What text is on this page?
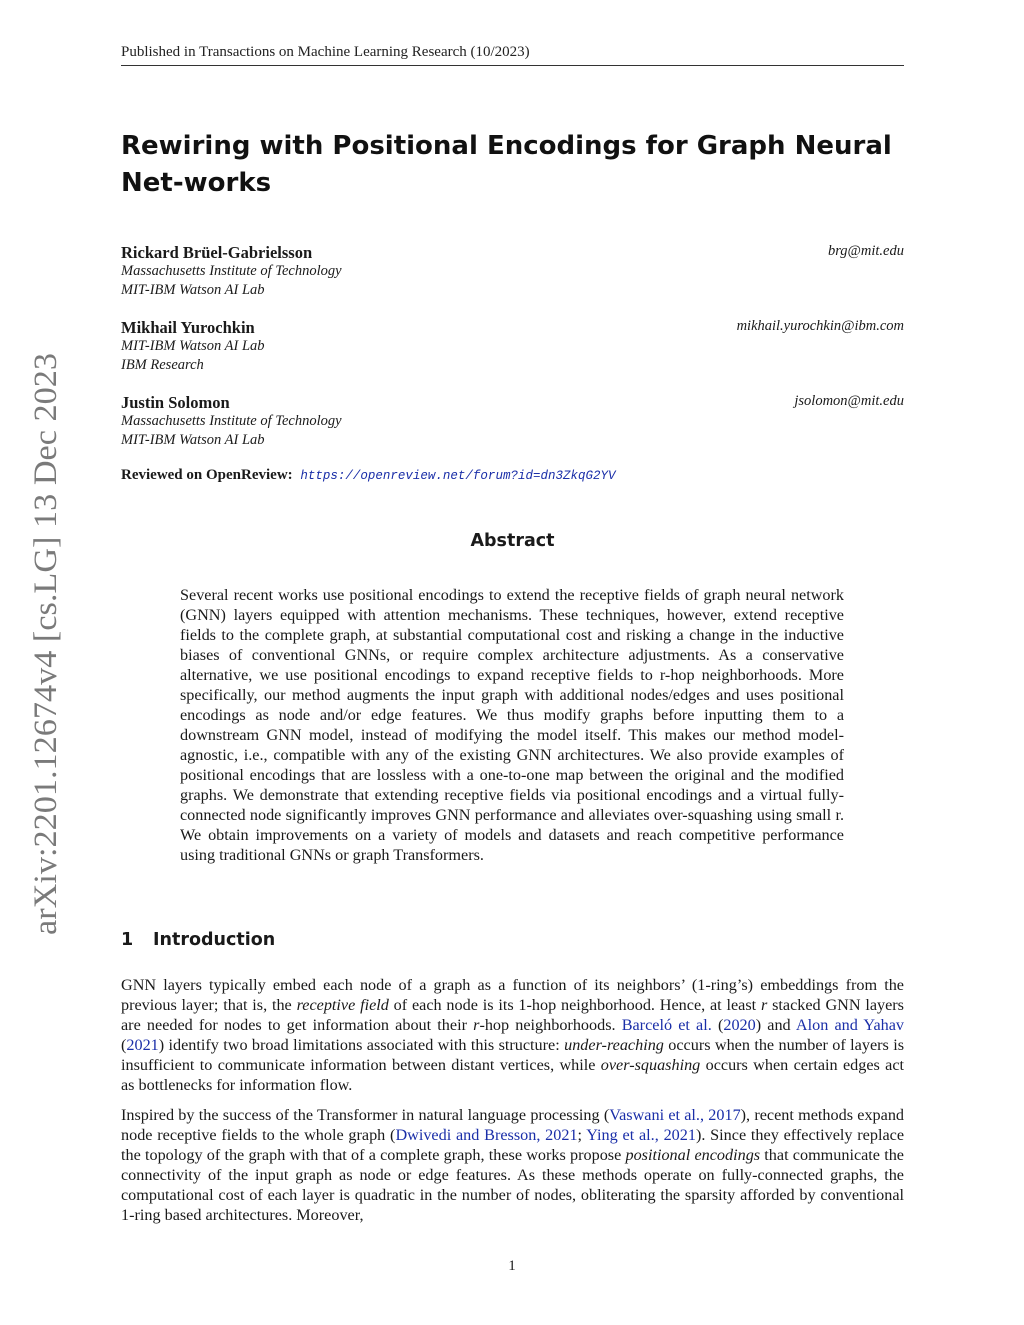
Published in Transactions on Machine Learning Research (10/2023)
arXiv:2201.12674v4 [cs.LG] 13 Dec 2023
Rewiring with Positional Encodings for Graph Neural Net-works
Rickard Brüel-Gabrielsson	brg@mit.edu
Massachusetts Institute of Technology
MIT-IBM Watson AI Lab
Mikhail Yurochkin	mikhail.yurochkin@ibm.com
MIT-IBM Watson AI Lab
IBM Research
Justin Solomon	jsolomon@mit.edu
Massachusetts Institute of Technology
MIT-IBM Watson AI Lab
Reviewed on OpenReview: https://openreview.net/forum?id=dn3ZkqG2YV
Abstract

Several recent works use positional encodings to extend the receptive fields of graph neural network (GNN) layers equipped with attention mechanisms. These techniques, however, extend receptive fields to the complete graph, at substantial computational cost and risking a change in the inductive biases of conventional GNNs, or require complex architecture adjustments. As a conservative alternative, we use positional encodings to expand receptive fields to r-hop neighborhoods. More specifically, our method augments the input graph with additional nodes/edges and uses positional encodings as node and/or edge features. We thus modify graphs before inputting them to a downstream GNN model, instead of modifying the model itself. This makes our method model-agnostic, i.e., compatible with any of the existing GNN architectures. We also provide examples of positional encodings that are lossless with a one-to-one map between the original and the modified graphs. We demonstrate that extending receptive fields via positional encodings and a virtual fully-connected node significantly improves GNN performance and alleviates over-squashing using small r. We obtain improvements on a variety of models and datasets and reach competitive performance using traditional GNNs or graph Transformers.

1 Introduction

GNN layers typically embed each node of a graph as a function of its neighbors’ (1-ring’s) embeddings from the previous layer; that is, the receptive field of each node is its 1-hop neighborhood. Hence, at least r stacked GNN layers are needed for nodes to get information about their r-hop neighborhoods. Barceló et al. (2020) and Alon and Yahav (2021) identify two broad limitations associated with this structure: under-reaching occurs when the number of layers is insufficient to communicate information between distant vertices, while over-squashing occurs when certain edges act as bottlenecks for information flow.

Inspired by the success of the Transformer in natural language processing (Vaswani et al., 2017), recent methods expand node receptive fields to the whole graph (Dwivedi and Bresson, 2021; Ying et al., 2021). Since they effectively replace the topology of the graph with that of a complete graph, these works propose positional encodings that communicate the connectivity of the input graph as node or edge features. As these methods operate on fully-connected graphs, the computational cost of each layer is quadratic in the number of nodes, obliterating the sparsity afforded by conventional 1-ring based architectures. Moreover,

1
